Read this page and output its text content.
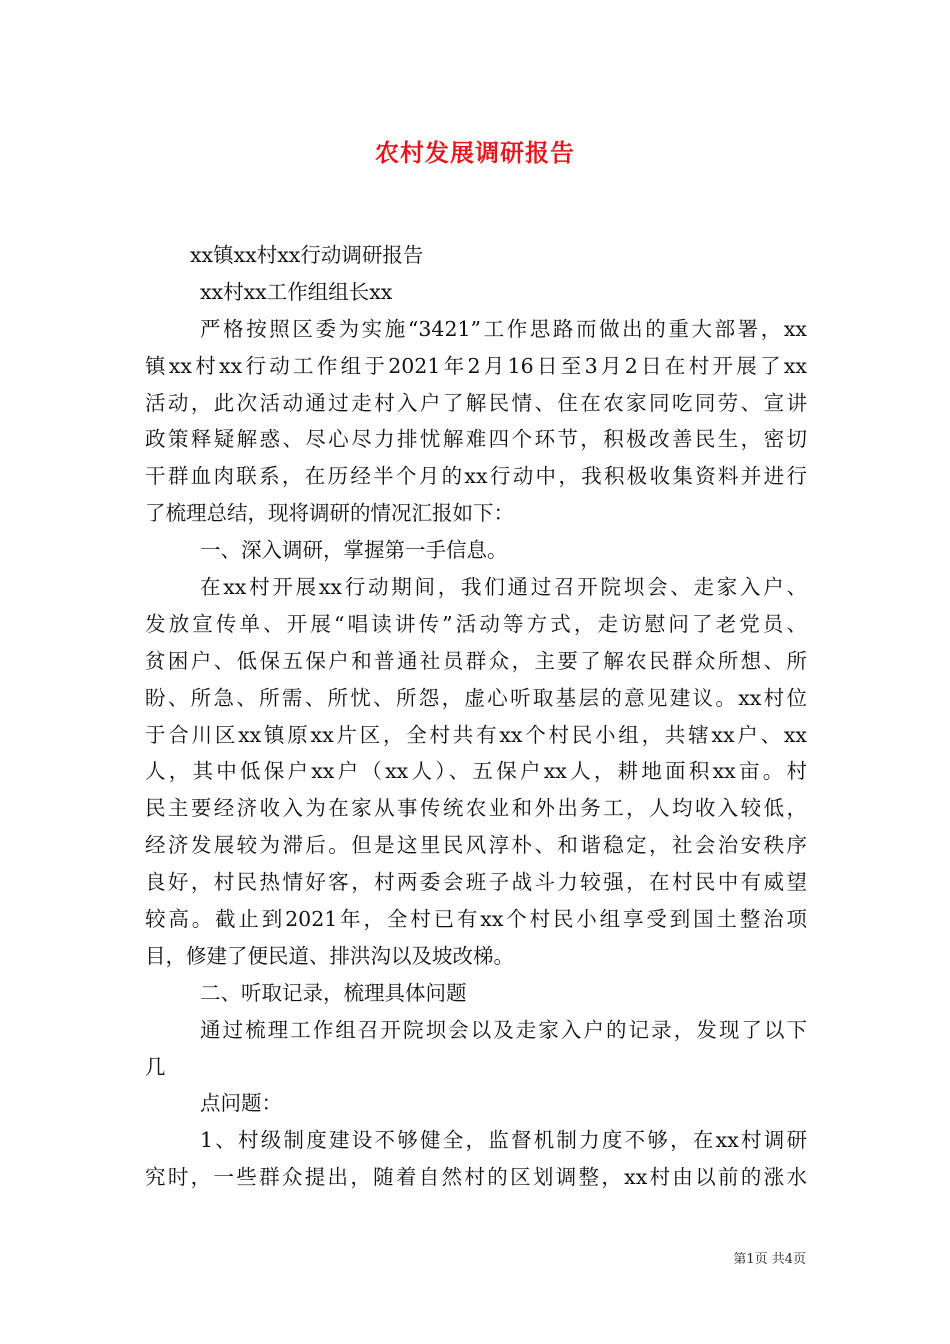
农村发展调研报告
xx镇xx村xx行动调研报告
xx村xx工作组组长xx
严格按照区委为实施“3421”工作思路而做出的重大部署，xx
镇xx村xx行动工作组于2021年2月16日至3月2日在村开展了xx
活动，此次活动通过走村入户了解民情、住在农家同吃同劳、宣讲
政策释疑解惑、尽心尽力排忧解难四个环节，积极改善民生，密切
干群血肉联系，在历经半个月的xx行动中，我积极收集资料并进行
了梳理总结，现将调研的情况汇报如下：
一、深入调研，掌握第一手信息。
在xx村开展xx行动期间，我们通过召开院坝会、走家入户、
发放宣传单、开展“唱读讲传”活动等方式，走访慰问了老党员、
贫困户、低保五保户和普通社员群众，主要了解农民群众所想、所
盼、所急、所需、所忧、所怨，虚心听取基层的意见建议。xx村位
于合川区xx镇原xx片区，全村共有xx个村民小组，共辖xx户、xx
人，其中低保户xx户（xx人）、五保户xx人，耕地面积xx亩。村
民主要经济收入为在家从事传统农业和外出务工，人均收入较低，
经济发展较为滞后。但是这里民风淳朴、和谐稳定，社会治安秩序
良好，村民热情好客，村两委会班子战斗力较强，在村民中有威望
较高。截止到2021年，全村已有xx个村民小组享受到国土整治项
目，修建了便民道、排洪沟以及坡改梯。
二、听取记录，梳理具体问题
通过梳理工作组召开院坝会以及走家入户的记录，发现了以下
几
点问题：
1、村级制度建设不够健全，监督机制力度不够，在xx村调研
究时，一些群众提出，随着自然村的区划调整，xx村由以前的涨水
第1页 共4页
